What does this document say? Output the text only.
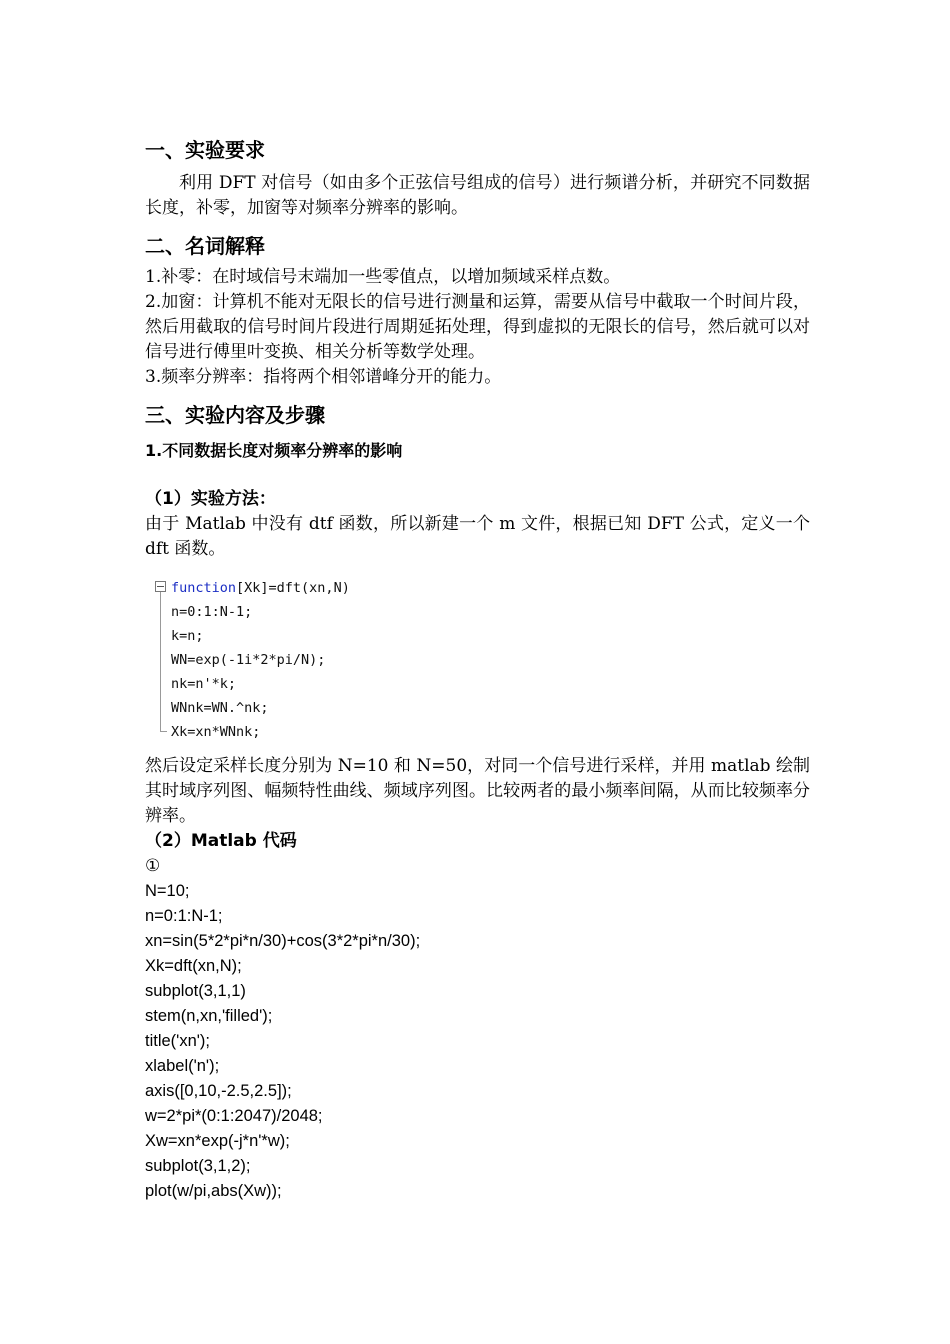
一、实验要求

利用 DFT 对信号（如由多个正弦信号组成的信号）进行频谱分析，并研究不同数据长度，补零，加窗等对频率分辨率的影响。

二、名词解释

1.补零：在时域信号末端加一些零值点，以增加频域采样点数。

2.加窗：计算机不能对无限长的信号进行测量和运算，需要从信号中截取一个时间片段，然后用截取的信号时间片段进行周期延拓处理，得到虚拟的无限长的信号，然后就可以对信号进行傅里叶变换、相关分析等数学处理。

3.频率分辨率：指将两个相邻谱峰分开的能力。

三、实验内容及步骤

1.不同数据长度对频率分辨率的影响

（1）实验方法：

由于 Matlab 中没有 dtf 函数，所以新建一个 m 文件，根据已知 DFT 公式，定义一个 dft 函数。

function[Xk]=dft(xn,N)
n=0:1:N-1;
k=n;
WN=exp(-1i*2*pi/N);
nk=n'*k;
WNnk=WN.^nk;
Xk=xn*WNnk;

然后设定采样长度分别为 N=10 和 N=50，对同一个信号进行采样，并用 matlab 绘制其时域序列图、幅频特性曲线、频域序列图。比较两者的最小频率间隔，从而比较频率分辨率。

（2）Matlab 代码

①

N=10;

n=0:1:N-1;

xn=sin(5*2*pi*n/30)+cos(3*2*pi*n/30);

Xk=dft(xn,N);

subplot(3,1,1)

stem(n,xn,'filled');

title('xn');

xlabel('n');

axis([0,10,-2.5,2.5]);

w=2*pi*(0:1:2047)/2048;

Xw=xn*exp(-j*n'*w);

subplot(3,1,2);

plot(w/pi,abs(Xw));
